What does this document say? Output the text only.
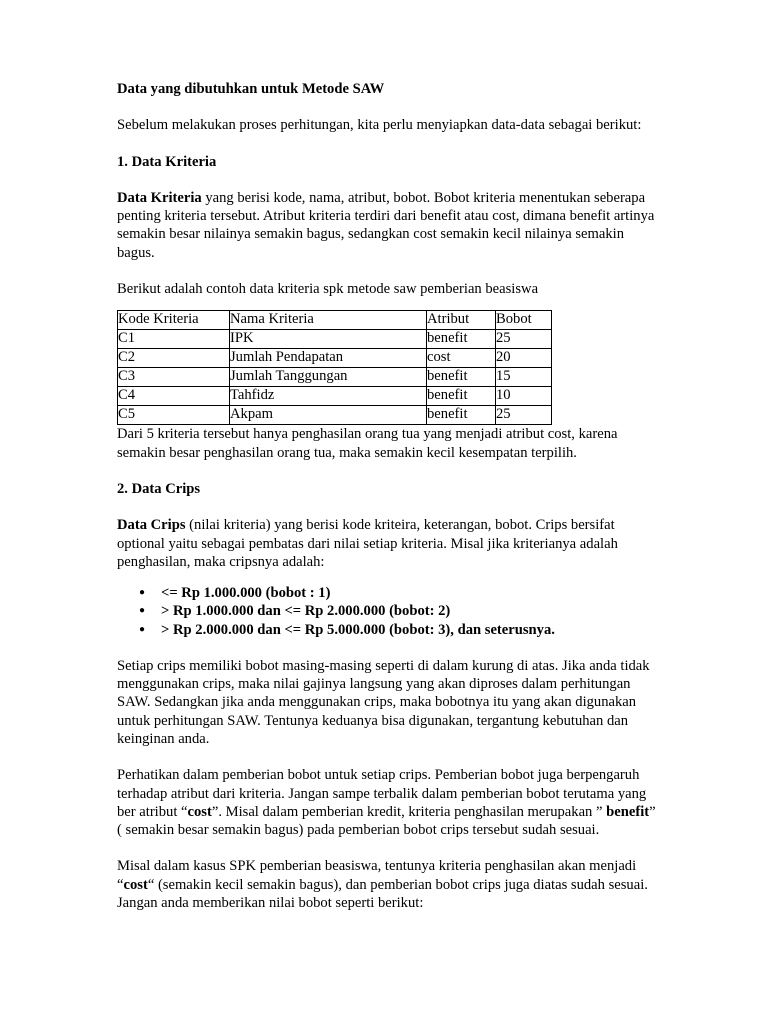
Data yang dibutuhkan untuk Metode SAW

Sebelum melakukan proses perhitungan, kita perlu menyiapkan data-data sebagai berikut:

1. Data Kriteria

Data Kriteria yang berisi kode, nama, atribut, bobot. Bobot kriteria menentukan seberapa penting kriteria tersebut. Atribut kriteria terdiri dari benefit atau cost, dimana benefit artinya semakin besar nilainya semakin bagus, sedangkan cost semakin kecil nilainya semakin bagus.

Berikut adalah contoh data kriteria spk metode saw pemberian beasiswa

Kode Kriteria	Nama Kriteria	Atribut	Bobot
C1	IPK	benefit	25
C2	Jumlah Pendapatan	cost	20
C3	Jumlah Tanggungan	benefit	15
C4	Tahfidz	benefit	10
C5	Akpam	benefit	25

Dari 5 kriteria tersebut hanya penghasilan orang tua yang menjadi atribut cost, karena semakin besar penghasilan orang tua, maka semakin kecil kesempatan terpilih.

2. Data Crips

Data Crips (nilai kriteria) yang berisi kode kriteira, keterangan, bobot. Crips bersifat optional yaitu sebagai pembatas dari nilai setiap kriteria. Misal jika kriterianya adalah penghasilan, maka cripsnya adalah:

● <= Rp 1.000.000 (bobot : 1)
● > Rp 1.000.000 dan <= Rp 2.000.000 (bobot: 2)
● > Rp 2.000.000 dan <= Rp 5.000.000 (bobot: 3), dan seterusnya.

Setiap crips memiliki bobot masing-masing seperti di dalam kurung di atas. Jika anda tidak menggunakan crips, maka nilai gajinya langsung yang akan diproses dalam perhitungan SAW. Sedangkan jika anda menggunakan crips, maka bobotnya itu yang akan digunakan untuk perhitungan SAW. Tentunya keduanya bisa digunakan, tergantung kebutuhan dan keinginan anda.

Perhatikan dalam pemberian bobot untuk setiap crips. Pemberian bobot juga berpengaruh terhadap atribut dari kriteria. Jangan sampe terbalik dalam pemberian bobot terutama yang ber atribut “cost”. Misal dalam pemberian kredit, kriteria penghasilan merupakan ” benefit” ( semakin besar semakin bagus) pada pemberian bobot crips tersebut sudah sesuai.

Misal dalam kasus SPK pemberian beasiswa, tentunya kriteria penghasilan akan menjadi “cost“ (semakin kecil semakin bagus), dan pemberian bobot crips juga diatas sudah sesuai. Jangan anda memberikan nilai bobot seperti berikut:
